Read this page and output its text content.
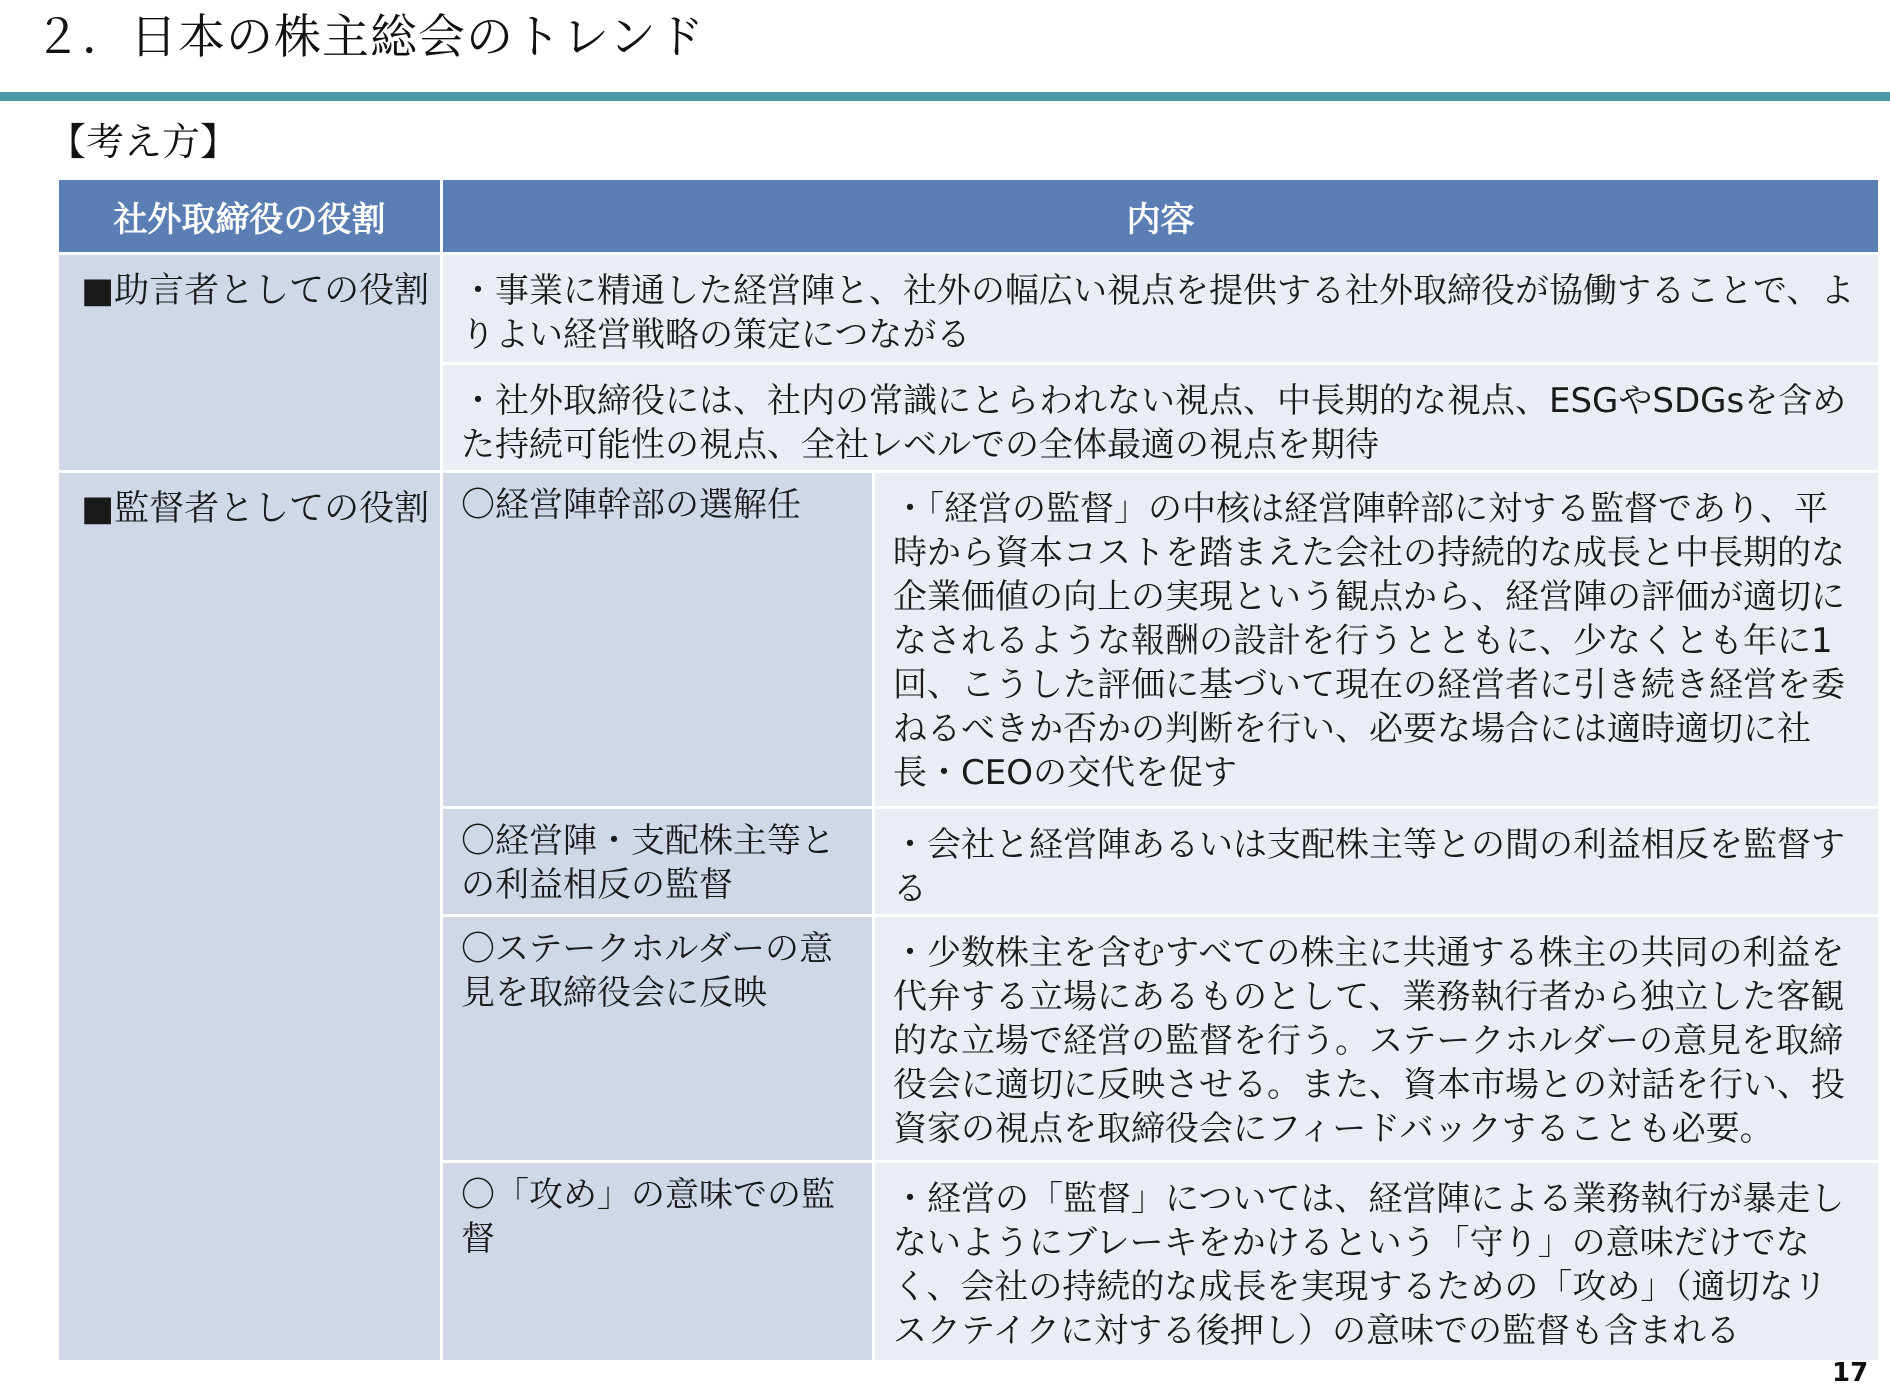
２．日本の株主総会のトレンド
【考え方】
社外取締役の役割	内容	
■助言者としての役割	・事業に精通した経営陣と、社外の幅広い視点を提供する社外取締役が協働することで、よりよい経営戦略の策定につながる	
	・社外取締役には、社内の常識にとらわれない視点、中長期的な視点、ESGやSDGsを含めた持続可能性の視点、全社レベルでの全体最適の視点を期待	
■監督者としての役割	〇経営陣幹部の選解任	・「経営の監督」の中核は経営陣幹部に対する監督であり、平時から資本コストを踏まえた会社の持続的な成長と中長期的な企業価値の向上の実現という観点から、経営陣の評価が適切になされるような報酬の設計を行うとともに、少なくとも年に1回、こうした評価に基づいて現在の経営者に引き続き経営を委ねるべきか否かの判断を行い、必要な場合には適時適切に社長・CEOの交代を促す
	〇経営陣・支配株主等との利益相反の監督	・会社と経営陣あるいは支配株主等との間の利益相反を監督する
	〇ステークホルダーの意見を取締役会に反映	・少数株主を含むすべての株主に共通する株主の共同の利益を代弁する立場にあるものとして、業務執行者から独立した客観的な立場で経営の監督を行う。ステークホルダーの意見を取締役会に適切に反映させる。また、資本市場との対話を行い、投資家の視点を取締役会にフィードバックすることも必要。
	〇「攻め」の意味での監督	・経営の「監督」については、経営陣による業務執行が暴走しないようにブレーキをかけるという「守り」の意味だけでなく、会社の持続的な成長を実現するための「攻め」（適切なリスクテイクに対する後押し）の意味での監督も含まれる
17
